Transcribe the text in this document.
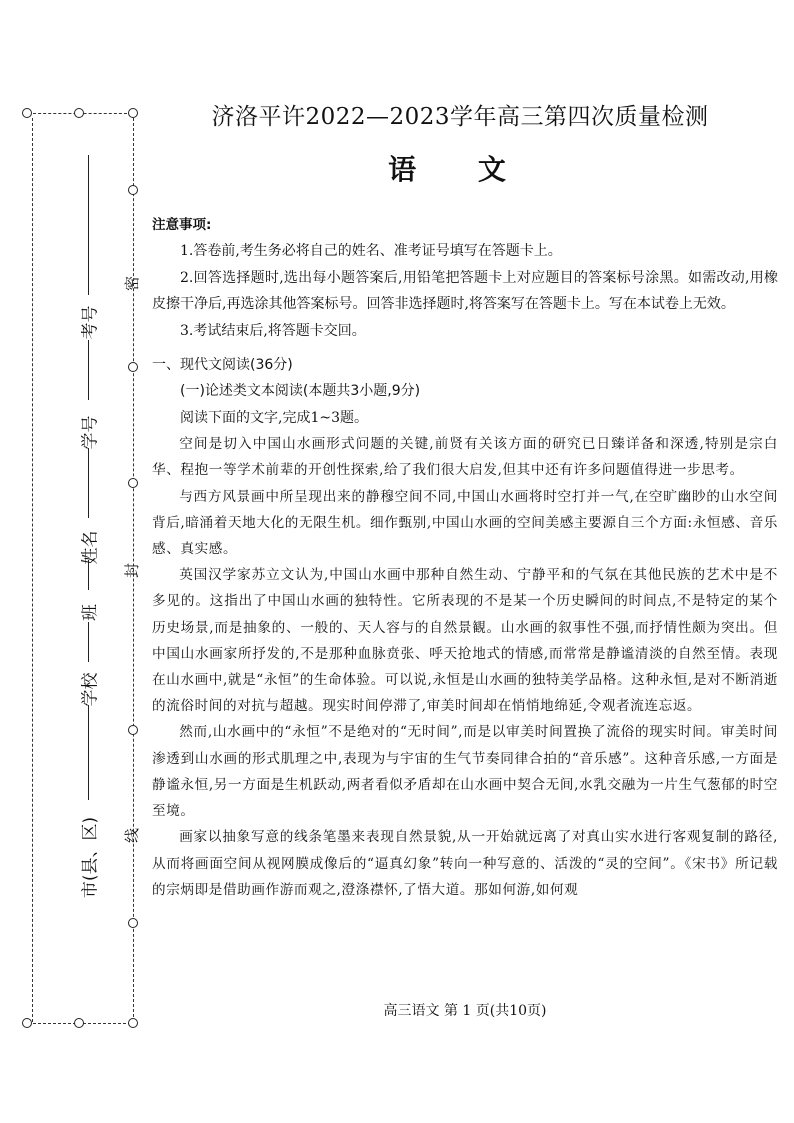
密
封
线
考号
学号
姓名
班
学校
市(县、区)
济洛平许2022—2023学年高三第四次质量检测
语 文

注意事项:

1.答卷前,考生务必将自己的姓名、准考证号填写在答题卡上。

2.回答选择题时,选出每小题答案后,用铅笔把答题卡上对应题目的答案标号涂黑。如需改动,用橡皮擦干净后,再选涂其他答案标号。回答非选择题时,将答案写在答题卡上。写在本试卷上无效。

3.考试结束后,将答题卡交回。

一、现代文阅读(36分)

(一)论述类文本阅读(本题共3小题,9分)

阅读下面的文字,完成1~3题。

空间是切入中国山水画形式问题的关键,前贤有关该方面的研究已日臻详备和深透,特别是宗白华、程抱一等学术前辈的开创性探索,给了我们很大启发,但其中还有许多问题值得进一步思考。

与西方风景画中所呈现出来的静穆空间不同,中国山水画将时空打并一气,在空旷幽眇的山水空间背后,暗涌着天地大化的无限生机。细作甄别,中国山水画的空间美感主要源自三个方面:永恒感、音乐感、真实感。

英国汉学家苏立文认为,中国山水画中那种自然生动、宁静平和的气氛在其他民族的艺术中是不多见的。这指出了中国山水画的独特性。它所表现的不是某一个历史瞬间的时间点,不是特定的某个历史场景,而是抽象的、一般的、天人容与的自然景観。山水画的叙事性不强,而抒情性颇为突出。但中国山水画家所抒发的,不是那种血脉贲张、呼天抢地式的情感,而常常是静谧清淡的自然至情。表现在山水画中,就是“永恒”的生命体验。可以说,永恒是山水画的独特美学品格。这种永恒,是对不断消逝的流俗时间的对抗与超越。现实时间停滞了,审美时间却在悄悄地绵延,令观者流连忘返。

然而,山水画中的“永恒”不是绝对的“无时间”,而是以审美时间置换了流俗的现实时间。审美时间渗透到山水画的形式肌理之中,表现为与宇宙的生气节奏同律合拍的“音乐感”。这种音乐感,一方面是静谧永恒,另一方面是生机跃动,两者看似矛盾却在山水画中契合无间,水乳交融为一片生气葱郁的时空至境。

画家以抽象写意的线条笔墨来表现自然景貌,从一开始就远离了对真山实水进行客观复制的路径,从而将画面空间从视网膜成像后的“逼真幻象”转向一种写意的、活泼的“灵的空间”。《宋书》所记载的宗炳即是借助画作游而观之,澄涤襟怀,了悟大道。那如何游,如何观

高三语文 第 1 页(共10页)
